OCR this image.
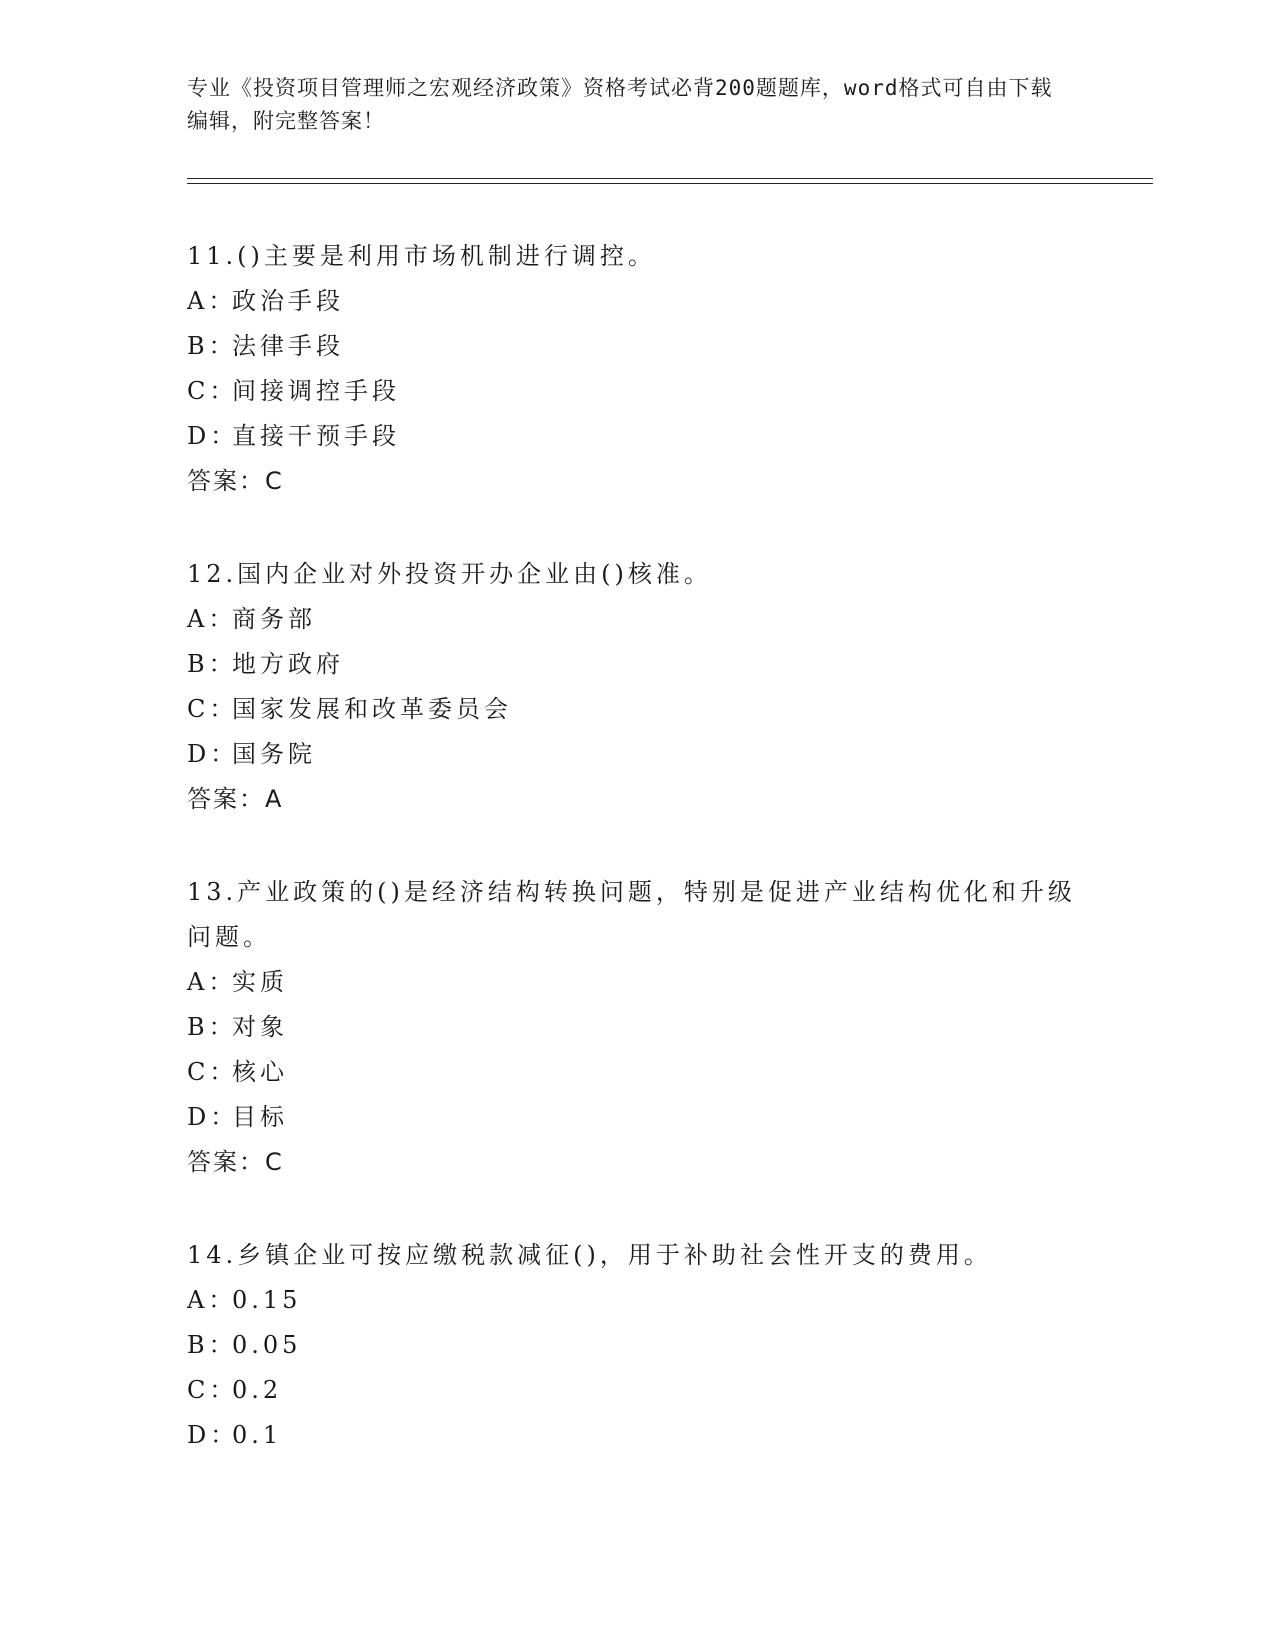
专业《投资项目管理师之宏观经济政策》资格考试必背200题题库，word格式可自由下载编辑，附完整答案！

11.()主要是利用市场机制进行调控。

A：政治手段

B：法律手段

C：间接调控手段

D：直接干预手段

答案：C

12.国内企业对外投资开办企业由()核准。

A：商务部

B：地方政府

C：国家发展和改革委员会

D：国务院

答案：A

13.产业政策的()是经济结构转换问题，特别是促进产业结构优化和升级问题。

A：实质

B：对象

C：核心

D：目标

答案：C

14.乡镇企业可按应缴税款减征()，用于补助社会性开支的费用。

A：0.15

B：0.05

C：0.2

D：0.1
